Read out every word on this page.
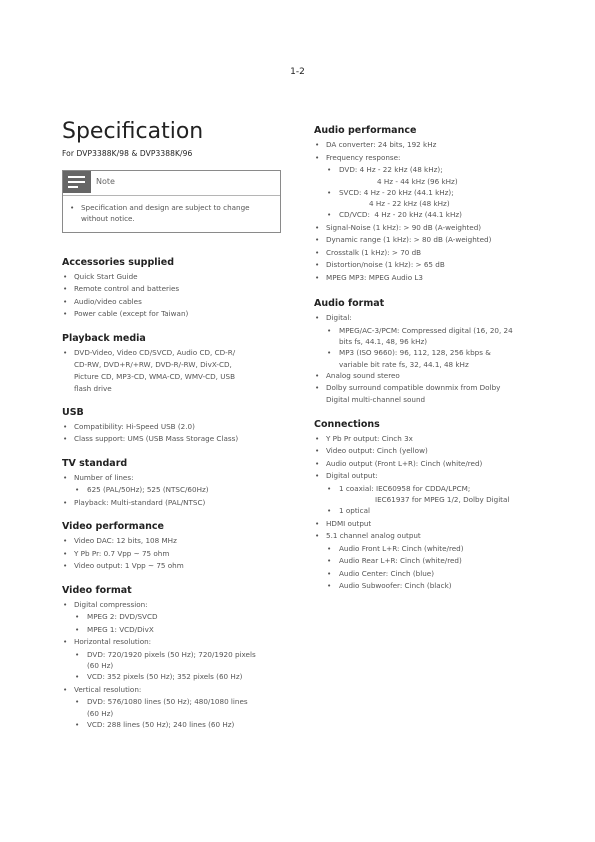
1-2
Specification
For DVP3388K/98 & DVP3388K/96
Note
• Specification and design are subject to change
without notice.
Accessories supplied
• Quick Start Guide
• Remote control and batteries
• Audio/video cables
• Power cable (except for Taiwan)
Playback media
• DVD-Video, Video CD/SVCD, Audio CD, CD-R/
CD-RW, DVD+R/+RW, DVD-R/-RW, DivX-CD,
Picture CD, MP3-CD, WMA-CD, WMV-CD, USB
flash drive
USB
• Compatibility: Hi-Speed USB (2.0)
• Class support: UMS (USB Mass Storage Class)
TV standard
• Number of lines:
• 625 (PAL/50Hz); 525 (NTSC/60Hz)
• Playback: Multi-standard (PAL/NTSC)
Video performance
• Video DAC: 12 bits, 108 MHz
• Y Pb Pr: 0.7 Vpp ~ 75 ohm
• Video output: 1 Vpp ~ 75 ohm
Video format
• Digital compression:
• MPEG 2: DVD/SVCD
• MPEG 1: VCD/DivX
• Horizontal resolution:
• DVD: 720/1920 pixels (50 Hz); 720/1920 pixels
(60 Hz)
• VCD: 352 pixels (50 Hz); 352 pixels (60 Hz)
• Vertical resolution:
• DVD: 576/1080 lines (50 Hz); 480/1080 lines
(60 Hz)
• VCD: 288 lines (50 Hz); 240 lines (60 Hz)
Audio performance
• DA converter: 24 bits, 192 kHz
• Frequency response:
• DVD: 4 Hz - 22 kHz (48 kHz);
4 Hz - 44 kHz (96 kHz)
• SVCD: 4 Hz - 20 kHz (44.1 kHz);
4 Hz - 22 kHz (48 kHz)
• CD/VCD:  4 Hz - 20 kHz (44.1 kHz)
• Signal-Noise (1 kHz): > 90 dB (A-weighted)
• Dynamic range (1 kHz): > 80 dB (A-weighted)
• Crosstalk (1 kHz): > 70 dB
• Distortion/noise (1 kHz): > 65 dB
• MPEG MP3: MPEG Audio L3
Audio format
• Digital:
• MPEG/AC-3/PCM: Compressed digital (16, 20, 24
bits fs, 44.1, 48, 96 kHz)
• MP3 (ISO 9660): 96, 112, 128, 256 kbps &
variable bit rate fs, 32, 44.1, 48 kHz
• Analog sound stereo
• Dolby surround compatible downmix from Dolby
Digital multi-channel sound
Connections
• Y Pb Pr output: Cinch 3x
• Video output: Cinch (yellow)
• Audio output (Front L+R): Cinch (white/red)
• Digital output:
• 1 coaxial: IEC60958 for CDDA/LPCM;
IEC61937 for MPEG 1/2, Dolby Digital
• 1 optical
• HDMI output
• 5.1 channel analog output
• Audio Front L+R: Cinch (white/red)
• Audio Rear L+R: Cinch (white/red)
• Audio Center: Cinch (blue)
• Audio Subwoofer: Cinch (black)
